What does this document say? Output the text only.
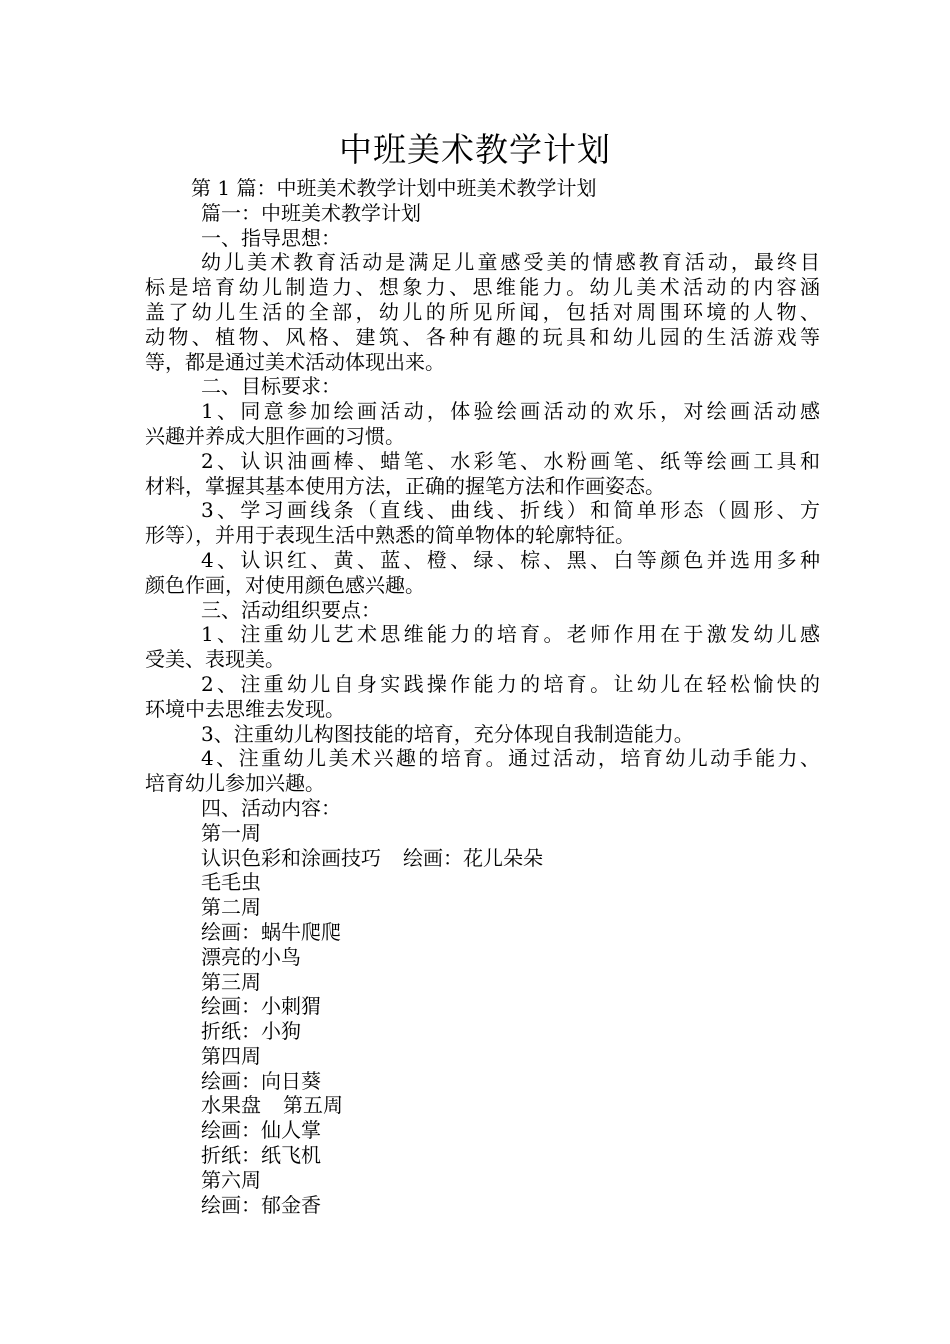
中班美术教学计划
第 1 篇：中班美术教学计划中班美术教学计划
篇一：中班美术教学计划
一、指导思想：
幼儿美术教育活动是满足儿童感受美的情感教育活动，最终目
标是培育幼儿制造力、想象力、思维能力。幼儿美术活动的内容涵
盖了幼儿生活的全部，幼儿的所见所闻，包括对周围环境的人物、
动物、植物、风格、建筑、各种有趣的玩具和幼儿园的生活游戏等
等，都是通过美术活动体现出来。
二、目标要求：
1、同意参加绘画活动，体验绘画活动的欢乐，对绘画活动感
兴趣并养成大胆作画的习惯。
2、认识油画棒、蜡笔、水彩笔、水粉画笔、纸等绘画工具和
材料，掌握其基本使用方法，正确的握笔方法和作画姿态。
3、学习画线条（直线、曲线、折线）和简单形态（圆形、方
形等），并用于表现生活中熟悉的简单物体的轮廓特征。
4、认识红、黄、蓝、橙、绿、棕、黑、白等颜色并选用多种
颜色作画，对使用颜色感兴趣。
三、活动组织要点：
1、注重幼儿艺术思维能力的培育。老师作用在于激发幼儿感
受美、表现美。
2、注重幼儿自身实践操作能力的培育。让幼儿在轻松愉快的
环境中去思维去发现。
3、注重幼儿构图技能的培育，充分体现自我制造能力。
4、注重幼儿美术兴趣的培育。通过活动，培育幼儿动手能力、
培育幼儿参加兴趣。
四、活动内容：
第一周
认识色彩和涂画技巧 绘画：花儿朵朵
毛毛虫
第二周
绘画：蜗牛爬爬
漂亮的小鸟
第三周
绘画：小刺猬
折纸：小狗
第四周
绘画：向日葵
水果盘 第五周
绘画：仙人掌
折纸：纸飞机
第六周
绘画：郁金香
